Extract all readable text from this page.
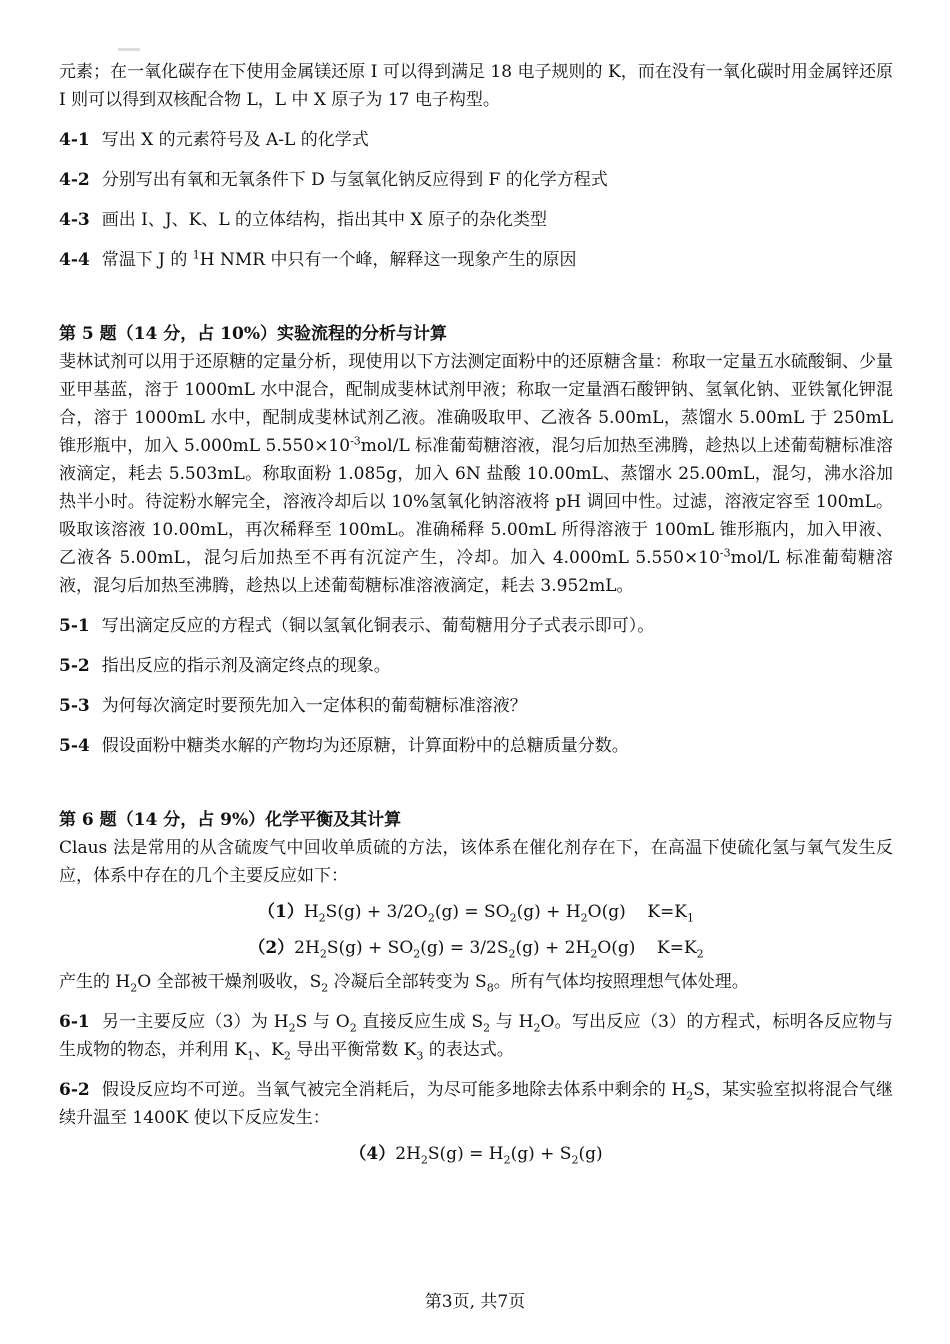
元素；在一氧化碳存在下使用金属镁还原 I 可以得到满足 18 电子规则的 K，而在没有一氧化碳时用金属锌还原 I 则可以得到双核配合物 L，L 中 X 原子为 17 电子构型。

4-1 写出 X 的元素符号及 A-L 的化学式

4-2 分别写出有氧和无氧条件下 D 与氢氧化钠反应得到 F 的化学方程式

4-3 画出 I、J、K、L 的立体结构，指出其中 X 原子的杂化类型

4-4 常温下 J 的 $^1$H NMR 中只有一个峰，解释这一现象产生的原因

第 5 题（14 分，占 10%）实验流程的分析与计算

斐林试剂可以用于还原糖的定量分析，现使用以下方法测定面粉中的还原糖含量：称取一定量五水硫酸铜、少量亚甲基蓝，溶于 1000mL 水中混合，配制成斐林试剂甲液；称取一定量酒石酸钾钠、氢氧化钠、亚铁氰化钾混合，溶于 1000mL 水中，配制成斐林试剂乙液。准确吸取甲、乙液各 5.00mL，蒸馏水 5.00mL 于 250mL 锥形瓶中，加入 5.000mL $5.550\times 10^{-3}mol/L$ 标准葡萄糖溶液，混匀后加热至沸腾，趁热以上述葡萄糖标准溶液滴定，耗去 5.503mL。称取面粉 1.085g，加入 6N 盐酸 10.00mL、蒸馏水 25.00mL，混匀，沸水浴加热半小时。待淀粉水解完全，溶液冷却后以 10%氢氧化钠溶液将 pH 调回中性。过滤，溶液定容至 100mL。吸取该溶液 10.00mL，再次稀释至 100mL。准确稀释 5.00mL 所得溶液于 100mL 锥形瓶内，加入甲液、乙液各 5.00mL，混匀后加热至不再有沉淀产生，冷却。加入 4.000mL $5.550\times 10^{-3}mol/L$ 标准葡萄糖溶液，混匀后加热至沸腾，趁热以上述葡萄糖标准溶液滴定，耗去 3.952mL。

5-1 写出滴定反应的方程式（铜以氢氧化铜表示、葡萄糖用分子式表示即可）。

5-2 指出反应的指示剂及滴定终点的现象。

5-3 为何每次滴定时要预先加入一定体积的葡萄糖标准溶液？

5-4 假设面粉中糖类水解的产物均为还原糖，计算面粉中的总糖质量分数。

第 6 题（14 分，占 9%）化学平衡及其计算

Claus 法是常用的从含硫废气中回收单质硫的方法，该体系在催化剂存在下，在高温下使硫化氢与氧气发生反应，体系中存在的几个主要反应如下：

$(1)H_2S(g) + 3/2O_2(g) = SO_2(g) + H_2O(g)$    $K=K_1$

$(2)2H_2S(g) + SO_2(g) = 3/2S_2(g) + 2H_2O(g)$    $K=K_2$

产生的 $H_2O$ 全部被干燥剂吸收，$S_2$ 冷凝后全部转变为 $S_8$。所有气体均按照理想气体处理。

6-1 另一主要反应（3）为 $H_2S$ 与 $O_2$ 直接反应生成 $S_2$ 与 $H_2O$。写出反应（3）的方程式，标明各反应物与生成物的物态，并利用 $K_1$、$K_2$ 导出平衡常数 $K_3$ 的表达式。

6-2 假设反应均不可逆。当氧气被完全消耗后，为尽可能多地除去体系中剩余的 $H_2S$，某实验室拟将混合气继续升温至 1400K 使以下反应发生：

$(4)2H_2S(g) = H_2(g) + S_2(g)$

第3页, 共7页
